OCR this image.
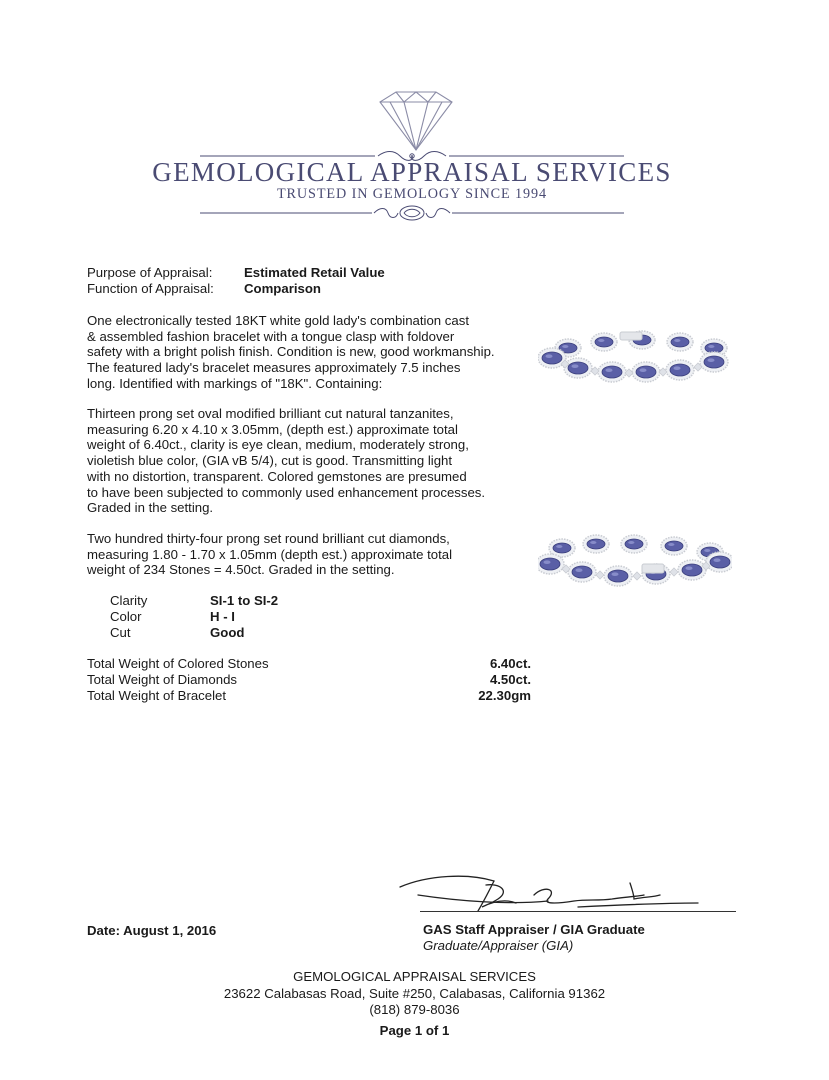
GEMOLOGICAL APPRAISAL SERVICES
TRUSTED IN GEMOLOGY SINCE 1994
Purpose of Appraisal: Estimated Retail Value
Function of Appraisal: Comparison
One electronically tested 18KT white gold lady's combination cast
& assembled fashion bracelet with a tongue clasp with foldover
safety with a bright polish finish. Condition is new, good workmanship.
The featured lady's bracelet measures approximately 7.5 inches
long. Identified with markings of "18K". Containing:
Thirteen prong set oval modified brilliant cut natural tanzanites,
measuring 6.20 x 4.10 x 3.05mm, (depth est.) approximate total
weight of 6.40ct., clarity is eye clean, medium, moderately strong,
violetish blue color, (GIA vB 5/4), cut is good. Transmitting light
with no distortion, transparent. Colored gemstones are presumed
to have been subjected to commonly used enhancement processes.
Graded in the setting.
Two hundred thirty-four prong set round brilliant cut diamonds,
measuring 1.80 - 1.70 x 1.05mm (depth est.) approximate total
weight of 234 Stones = 4.50ct. Graded in the setting.
Clarity	SI-1 to SI-2
Color	H - I
Cut	Good
Total Weight of Colored Stones	6.40ct.
Total Weight of Diamonds	4.50ct.
Total Weight of Bracelet	22.30gm
Date: August 1, 2016	GAS Staff Appraiser / GIA Graduate
Graduate/Appraiser (GIA)
GEMOLOGICAL APPRAISAL SERVICES
23622 Calabasas Road, Suite #250, Calabasas, California 91362
(818) 879-8036
Page 1 of 1
